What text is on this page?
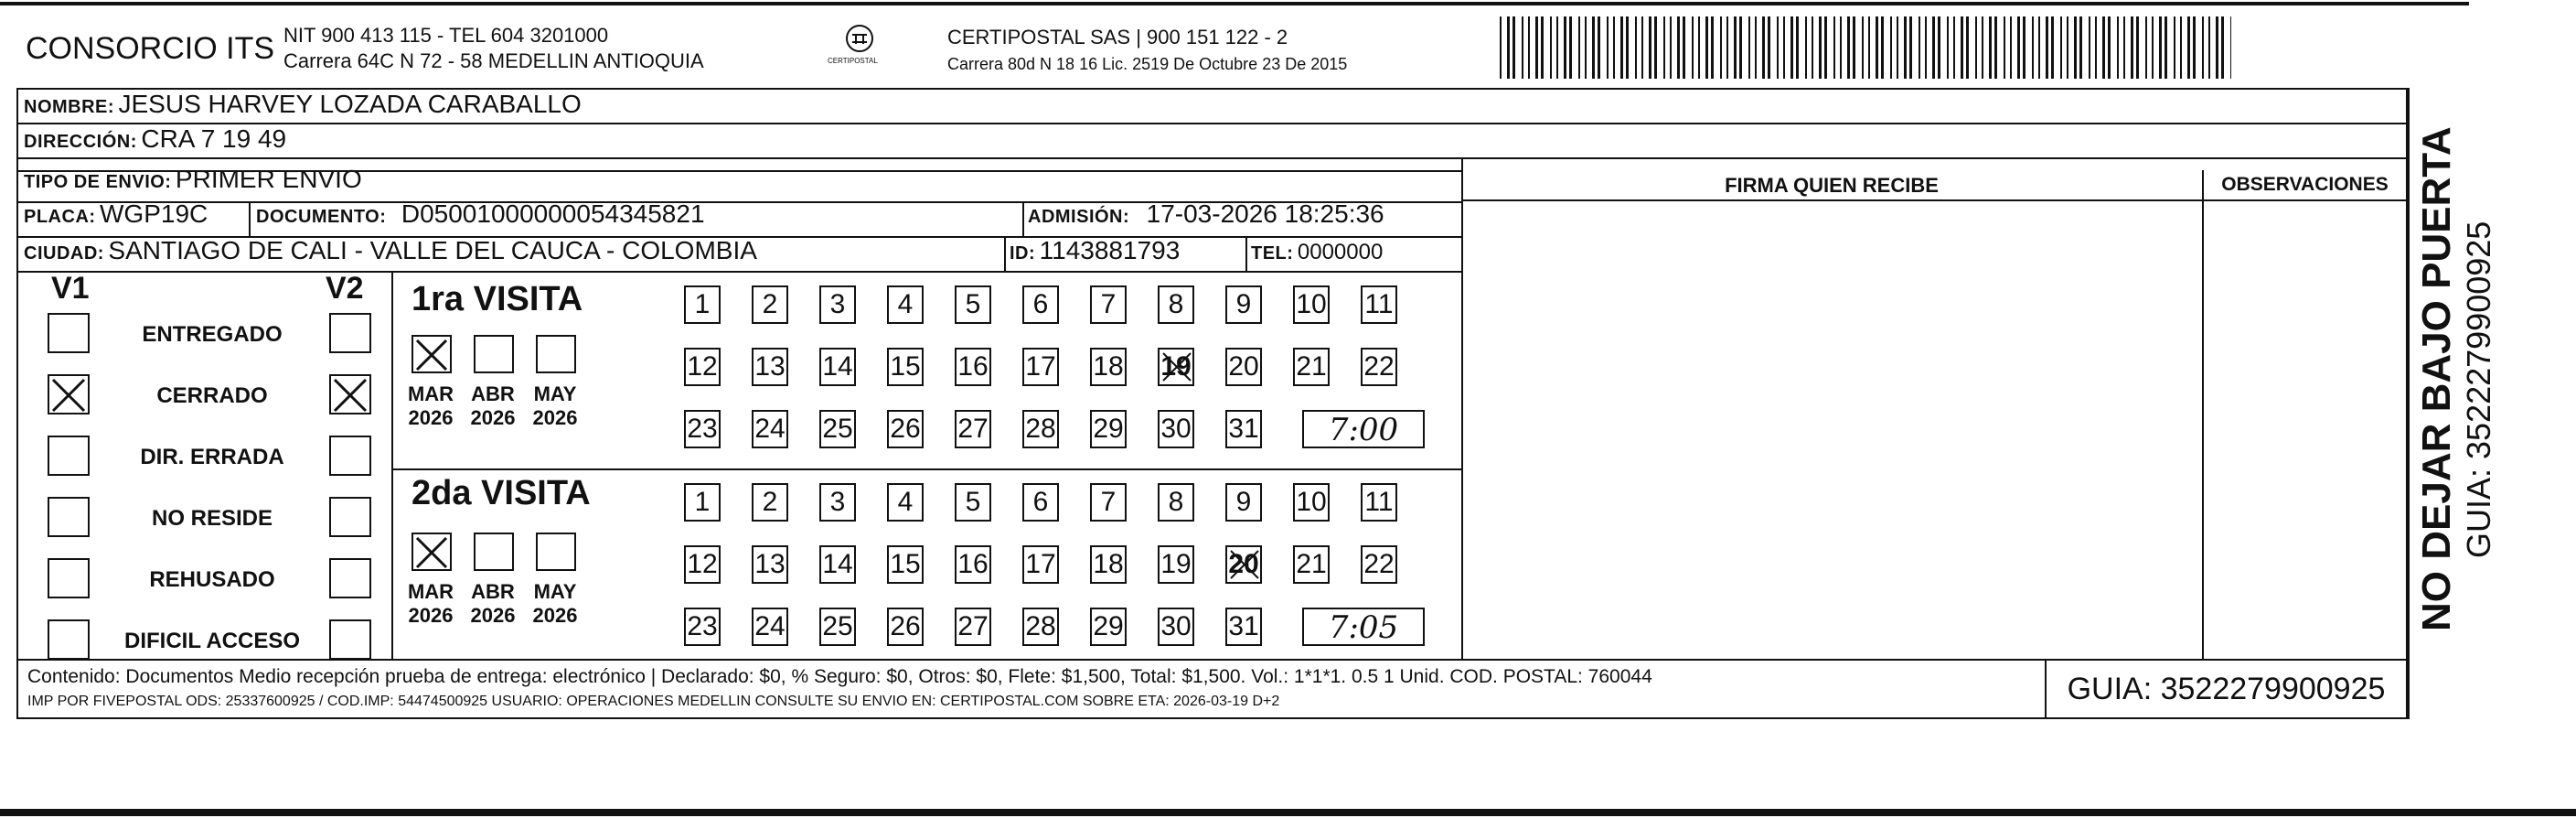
CONSORCIO ITS NIT 900 413 115 - TEL 604 3201000
Carrera 64C N 72 - 58 MEDELLIN ANTIOQUIA	CERTIPOSTAL
CERTIPOSTAL SAS | 900 151 122 - 2
Carrera 80d N 18 16 Lic. 2519 De Octubre 23 De 2015
NOMBRE: JESUS HARVEY LOZADA CARABALLO
DIRECCIÓN: CRA 7 19 49
TIPO DE ENVIO: PRIMER ENVIO
PLACA: WGP19C	DOCUMENTO: D05001000000054345821	ADMISIÓN: 17-03-2026 18:25:36
CIUDAD: SANTIAGO DE CALI - VALLE DEL CAUCA - COLOMBIA	ID: 1143881793	TEL: 0000000
FIRMA QUIEN RECIBE	OBSERVACIONES
V1	V2
ENTREGADO
CERRADO
DIR. ERRADA
NO RESIDE
REHUSADO
DIFICIL ACCESO
1ra VISITA
2da VISITA
MAR
2026
ABR
2026
MAY
2026
1	2	3	4	5	6	7	8	9	10 11
12 13 14 15 16 17 18 19 20 21 22
23 24 25 26 27 28 29 30 31	7:00
MAR
2026
ABR
2026
MAY
2026
1	2	3	4	5	6	7	8	9	10 11
12 13 14 15 16 17 18 19 20 21 22
23 24 25 26 27 28 29 30 31	7:05
Contenido: Documentos Medio recepción prueba de entrega: electrónico | Declarado: $0, % Seguro: $0, Otros: $0, Flete: $1,500, Total: $1,500. Vol.: 1*1*1. 0.5 1 Unid. COD. POSTAL: 760044
IMP POR FIVEPOSTAL ODS: 25337600925 / COD.IMP: 54474500925 USUARIO: OPERACIONES MEDELLIN CONSULTE SU ENVIO EN: CERTIPOSTAL.COM SOBRE ETA: 2026-03-19 D+2	GUIA: 3522279900925
NO DEJAR BAJO PUERTA GUIA: 3522279900925
